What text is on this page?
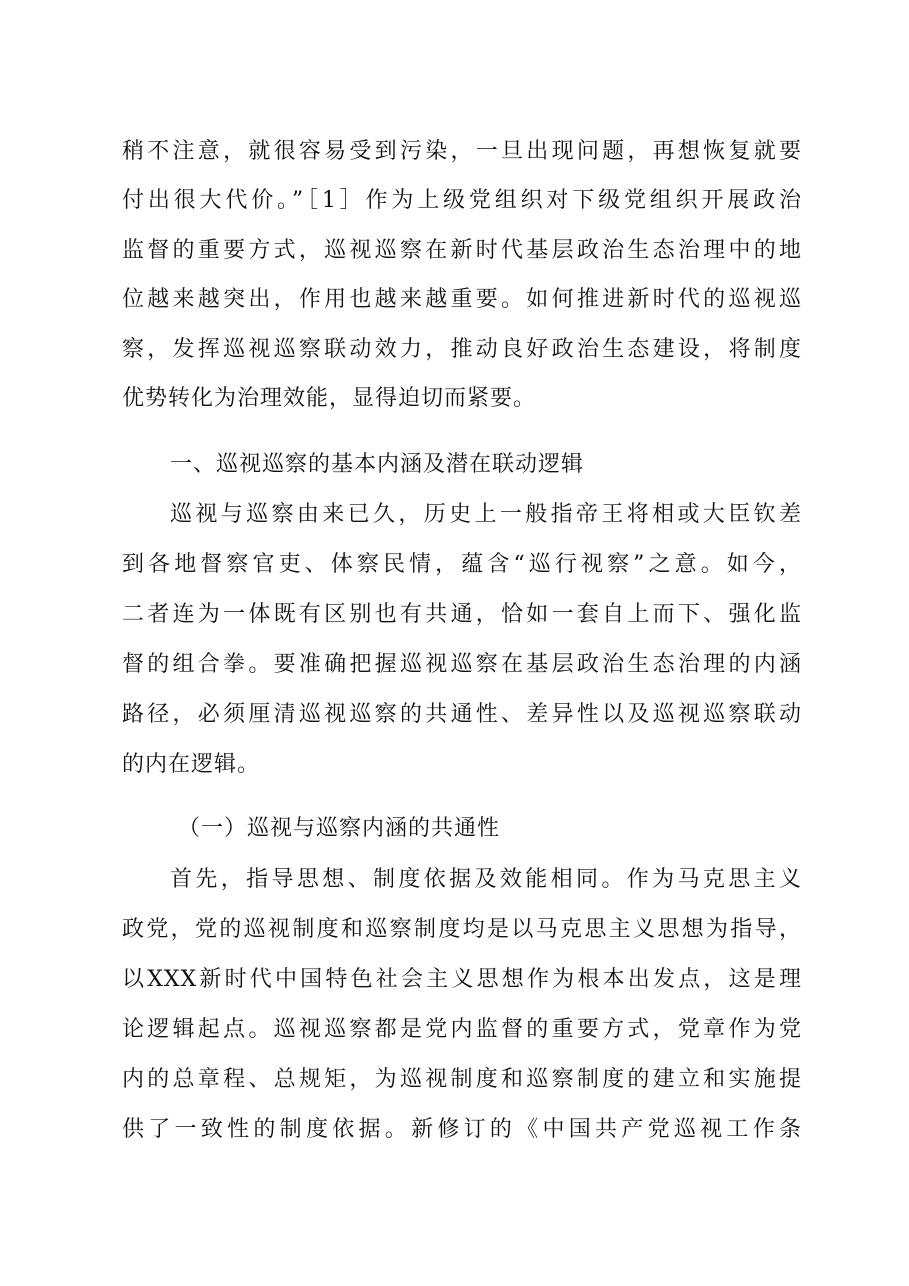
稍不注意，就很容易受到污染，一旦出现问题，再想恢复就要
付出很大代价。”［1］作为上级党组织对下级党组织开展政治
监督的重要方式，巡视巡察在新时代基层政治生态治理中的地
位越来越突出，作用也越来越重要。如何推进新时代的巡视巡
察，发挥巡视巡察联动效力，推动良好政治生态建设，将制度
优势转化为治理效能，显得迫切而紧要。
一、巡视巡察的基本内涵及潜在联动逻辑
巡视与巡察由来已久，历史上一般指帝王将相或大臣钦差
到各地督察官吏、体察民情，蕴含“巡行视察”之意。如今，
二者连为一体既有区别也有共通，恰如一套自上而下、强化监
督的组合拳。要准确把握巡视巡察在基层政治生态治理的内涵
路径，必须厘清巡视巡察的共通性、差异性以及巡视巡察联动
的内在逻辑。
（一）巡视与巡察内涵的共通性
首先，指导思想、制度依据及效能相同。作为马克思主义
政党，党的巡视制度和巡察制度均是以马克思主义思想为指导，
以XXX新时代中国特色社会主义思想作为根本出发点，这是理
论逻辑起点。巡视巡察都是党内监督的重要方式，党章作为党
内的总章程、总规矩，为巡视制度和巡察制度的建立和实施提
供了一致性的制度依据。新修订的《中国共产党巡视工作条
